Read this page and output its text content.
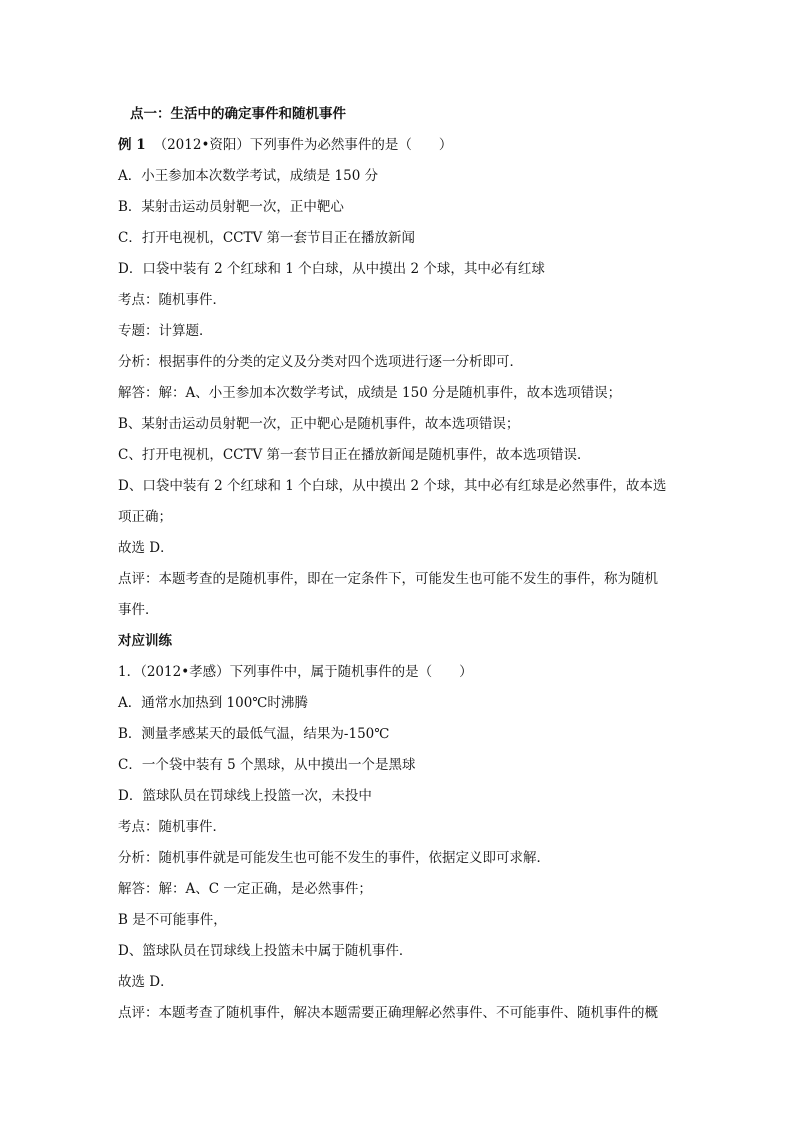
点一：生活中的确定事件和随机事件
例 1 （2012•资阳）下列事件为必然事件的是（　　）
A．小王参加本次数学考试，成绩是 150 分
B．某射击运动员射靶一次，正中靶心
C．打开电视机，CCTV 第一套节目正在播放新闻
D．口袋中装有 2 个红球和 1 个白球，从中摸出 2 个球，其中必有红球
考点：随机事件．
专题：计算题．
分析：根据事件的分类的定义及分类对四个选项进行逐一分析即可．
解答：解：A、小王参加本次数学考试，成绩是 150 分是随机事件，故本选项错误；
B、某射击运动员射靶一次，正中靶心是随机事件，故本选项错误；
C、打开电视机，CCTV 第一套节目正在播放新闻是随机事件，故本选项错误．
D、口袋中装有 2 个红球和 1 个白球，从中摸出 2 个球，其中必有红球是必然事件，故本选
项正确；
故选 D．
点评：本题考查的是随机事件，即在一定条件下，可能发生也可能不发生的事件，称为随机
事件．
对应训练
1．（2012•孝感）下列事件中，属于随机事件的是（　　）
A．通常水加热到 100℃时沸腾
B．测量孝感某天的最低气温，结果为-150℃
C．一个袋中装有 5 个黑球，从中摸出一个是黑球
D．篮球队员在罚球线上投篮一次，未投中
考点：随机事件．
分析：随机事件就是可能发生也可能不发生的事件，依据定义即可求解．
解答：解：A、C 一定正确，是必然事件；
B 是不可能事件，
D、篮球队员在罚球线上投篮未中属于随机事件．
故选 D．
点评：本题考查了随机事件，解决本题需要正确理解必然事件、不可能事件、随机事件的概
